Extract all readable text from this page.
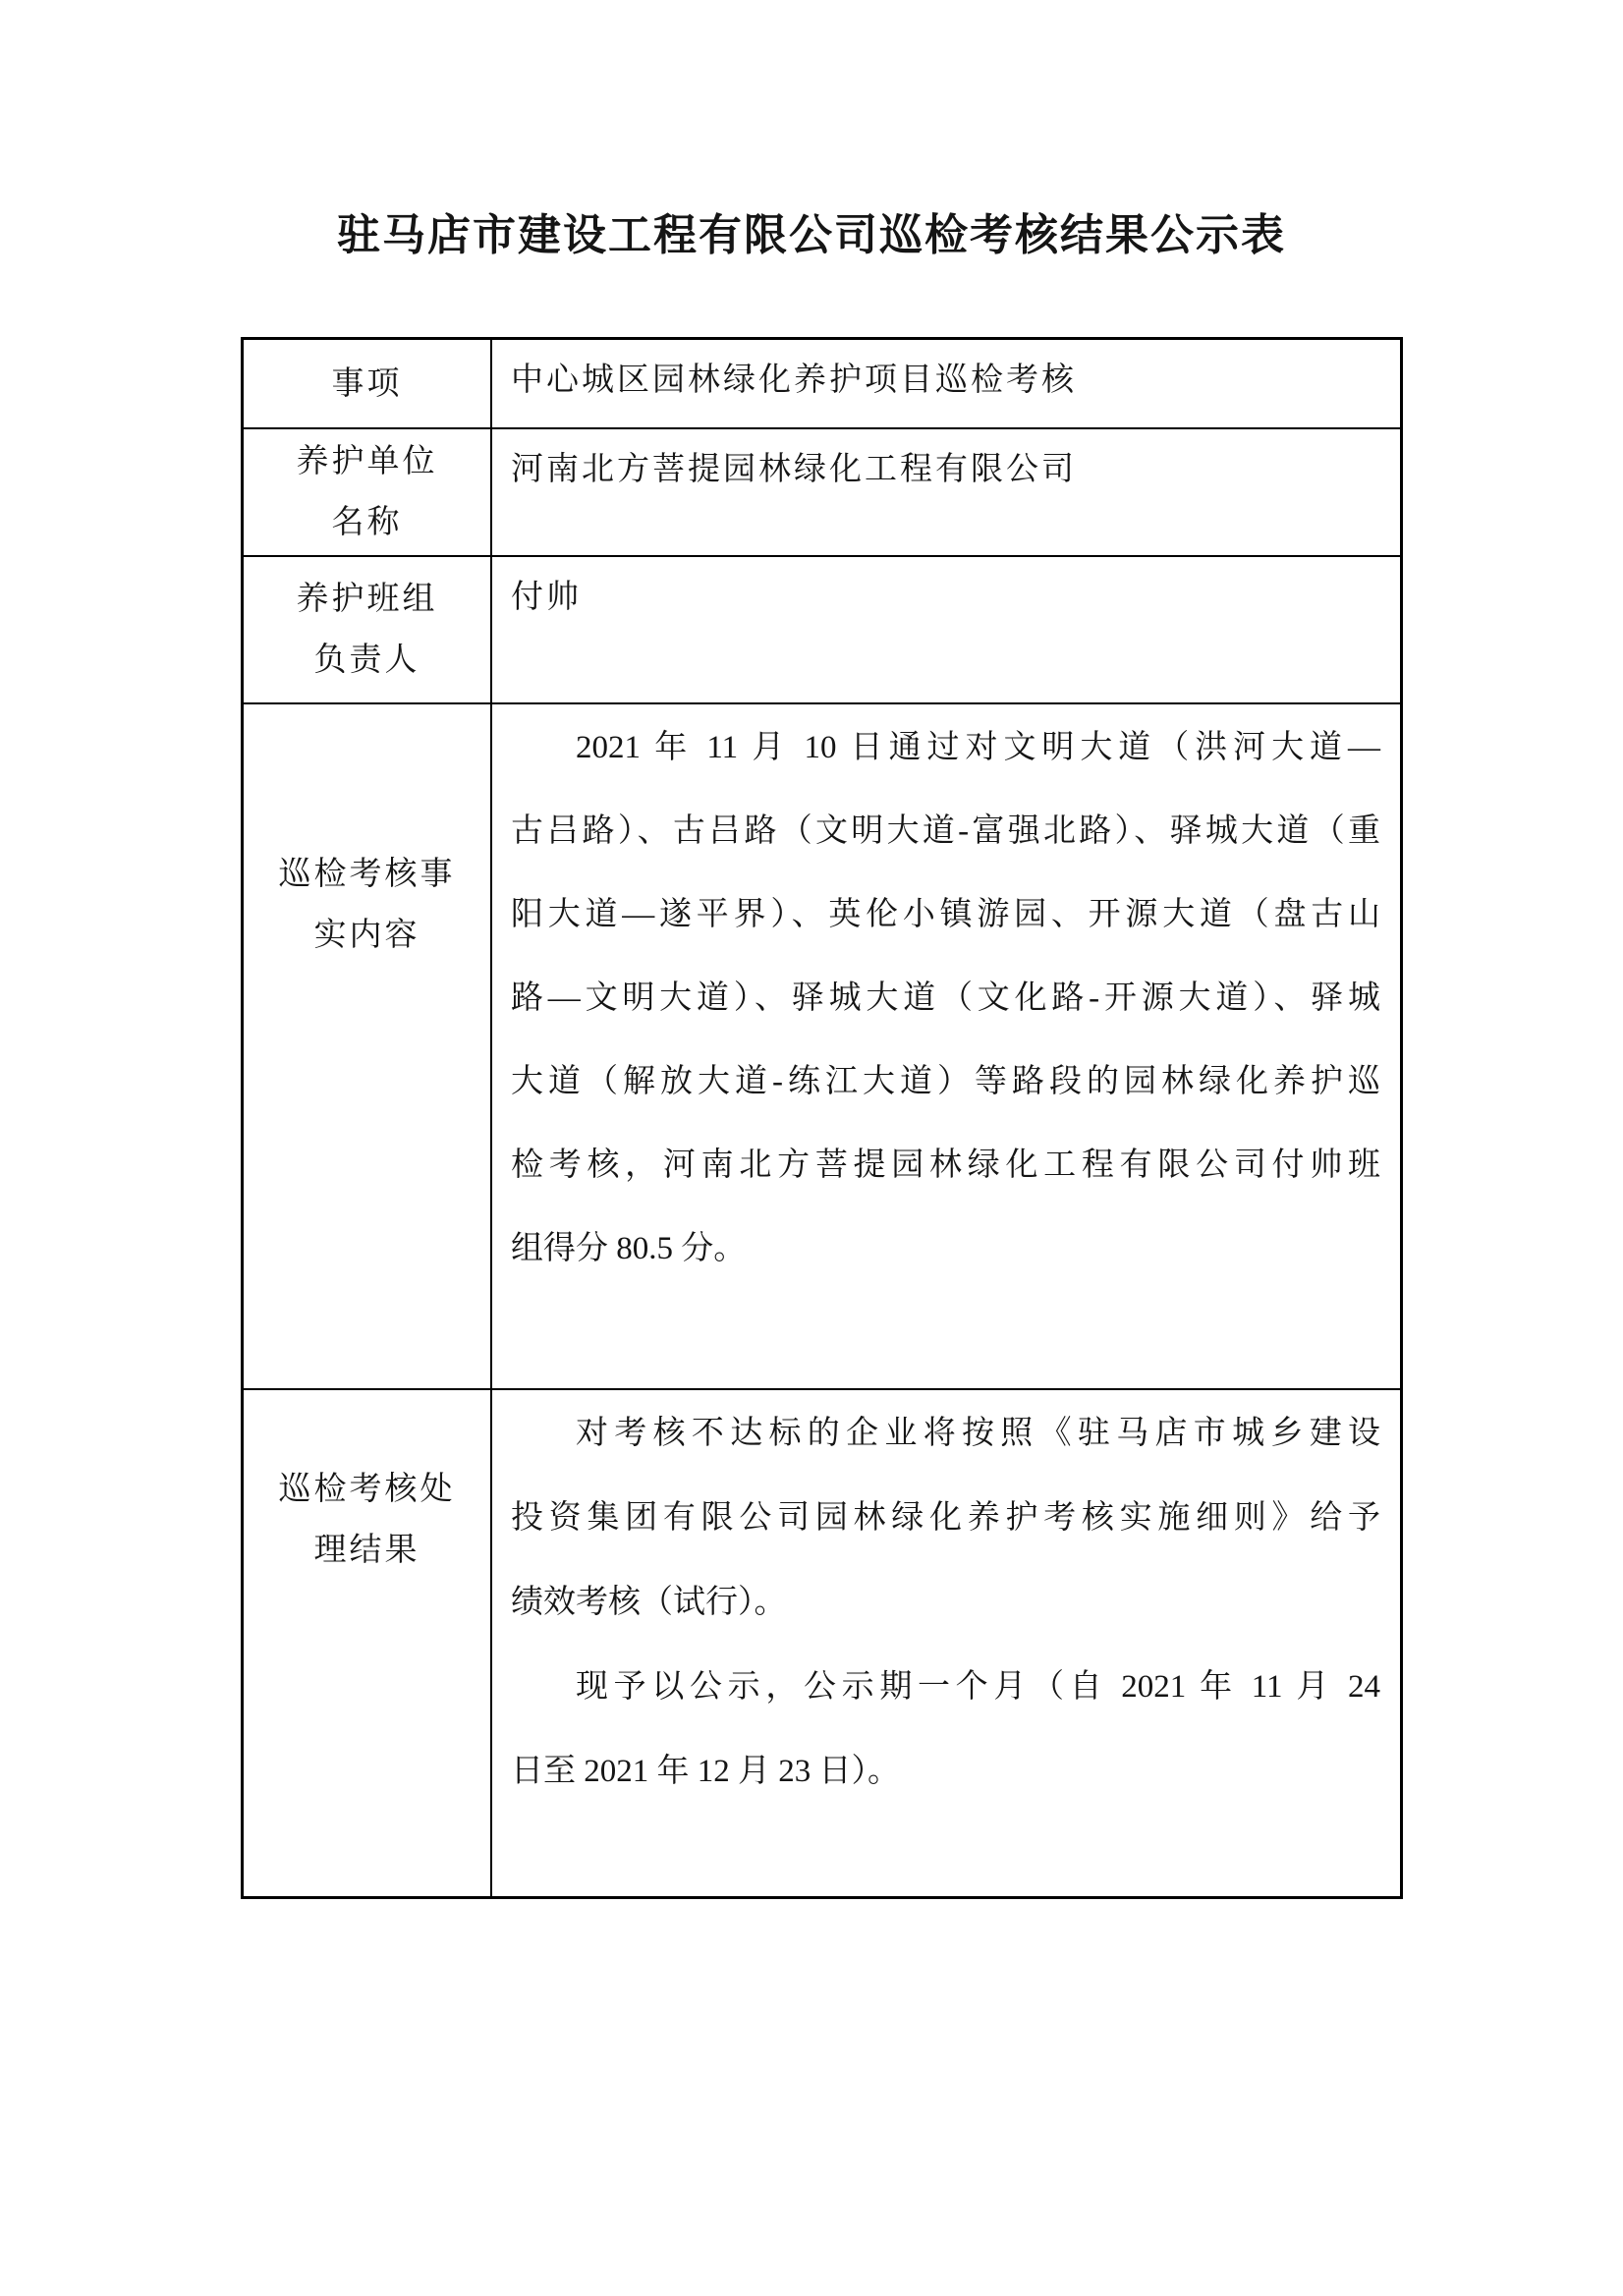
驻马店市建设工程有限公司巡检考核结果公示表
事项	中心城区园林绿化养护项目巡检考核
养护单位
名称
河南北方菩提园林绿化工程有限公司
养护班组
负责人
付帅
巡检考核事
实内容
2021 年 11 月 10 日通过对文明大道（洪河大道—
古吕路）、古吕路（文明大道-富强北路）、驿城大道（重
阳大道—遂平界）、英伦小镇游园、开源大道（盘古山
路—文明大道）、驿城大道（文化路-开源大道）、驿城
大道（解放大道-练江大道）等路段的园林绿化养护巡
检考核，河南北方菩提园林绿化工程有限公司付帅班
组得分 80.5 分。
巡检考核处
理结果
对考核不达标的企业将按照《驻马店市城乡建设
投资集团有限公司园林绿化养护考核实施细则》给予
绩效考核（试行）。
现予以公示，公示期一个月（自 2021 年 11 月 24
日至 2021 年 12 月 23 日）。
